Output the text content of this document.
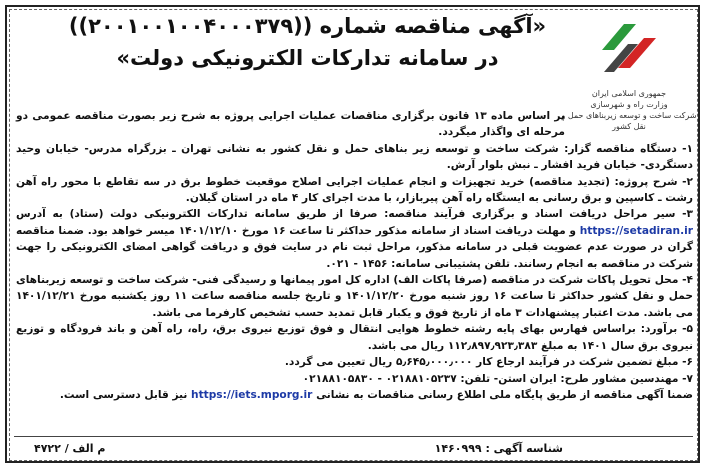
جمهوری اسلامی ایران
وزارت راه و شهرسازی
شرکت ساخت و توسعه زیربناهای حمل و نقل کشور
«آگهی مناقصه شماره ((۲۰۰۱۰۰۱۰۰۴۰۰۰۳۷۹))
در سامانه تدارکات الکترونیکی دولت»

بر اساس ماده ۱۳ قانون برگزاری مناقصات عملیات اجرایی پروژه به شرح زیر بصورت مناقصه عمومی دو مرحله ای واگذار میگردد.

۱- دستگاه مناقصه گزار: شرکت ساخت و توسعه زیر بناهای حمل و نقل کشور به نشانی تهران ـ بزرگراه مدرس- خیابان وحید دستگردی- خیابان فرید افشار ـ نبش بلوار آرش.

۲- شرح پروژه: (تجدید مناقصه) خرید تجهیزات و انجام عملیات اجرایی اصلاح موقعیت خطوط برق در سه تقاطع با محور راه آهن رشت ـ کاسپین و برق رسانی به ایستگاه راه آهن پیربازار، با مدت اجرای کار ۴ ماه در استان گیلان.

۳- سیر مراحل دریافت اسناد و برگزاری فرآیند مناقصه: صرفا از طریق سامانه تدارکات الکترونیکی دولت (ستاد) به آدرس https://setadiran.ir و مهلت دریافت اسناد از سامانه مذکور حداکثر تا ساعت ۱۶ مورخ ۱۴۰۱/۱۲/۱۰ میسر خواهد بود. ضمنا مناقصه گران در صورت عدم عضویت قبلی در سامانه مذکور، مراحل ثبت نام در سایت فوق و دریافت گواهی امضای الکترونیکی را جهت شرکت در مناقصه به انجام رسانند. تلفن پشتیبانی سامانه: ۱۴۵۶ - ۰۲۱.

۴- محل تحویل پاکات شرکت در مناقصه (صرفا پاکات الف) اداره کل امور پیمانها و رسیدگی فنی- شرکت ساخت و توسعه زیربناهای حمل و نقل کشور حداکثر تا ساعت ۱۶ روز شنبه مورخ ۱۴۰۱/۱۲/۲۰ و تاریخ جلسه مناقصه ساعت ۱۱ روز یکشنبه مورخ ۱۴۰۱/۱۲/۲۱ می باشد. مدت اعتبار پیشنهادات ۳ ماه از تاریخ فوق و یکبار قابل تمدید حسب تشخیص کارفرما می باشد.

۵- برآورد: براساس فهارس بهای پایه رشته خطوط هوایی انتقال و فوق توزیع نیروی برق، راه، راه آهن و باند فرودگاه و توزیع نیروی برق سال ۱۴۰۱ به مبلغ ۱۱۲٫۸۹۷٫۹۲۳٫۳۸۳ ریال می باشد.

۶- مبلغ تضمین شرکت در فرآیند ارجاع کار ۵٫۶۴۵٫۰۰۰٫۰۰۰ ریال تعیین می گردد.

۷- مهندسین مشاور طرح: ایران استن- تلفن: ۰۲۱۸۸۱۰۵۲۳۷ - ۰۲۱۸۸۱۰۵۸۳۰

ضمنا آگهی مناقصه از طریق پایگاه ملی اطلاع رسانی مناقصات به نشانی https://iets.mporg.ir نیز قابل دسترسی است.

شناسه آگهی : ۱۴۶۰۹۹۹
م الف / ۴۷۲۲
